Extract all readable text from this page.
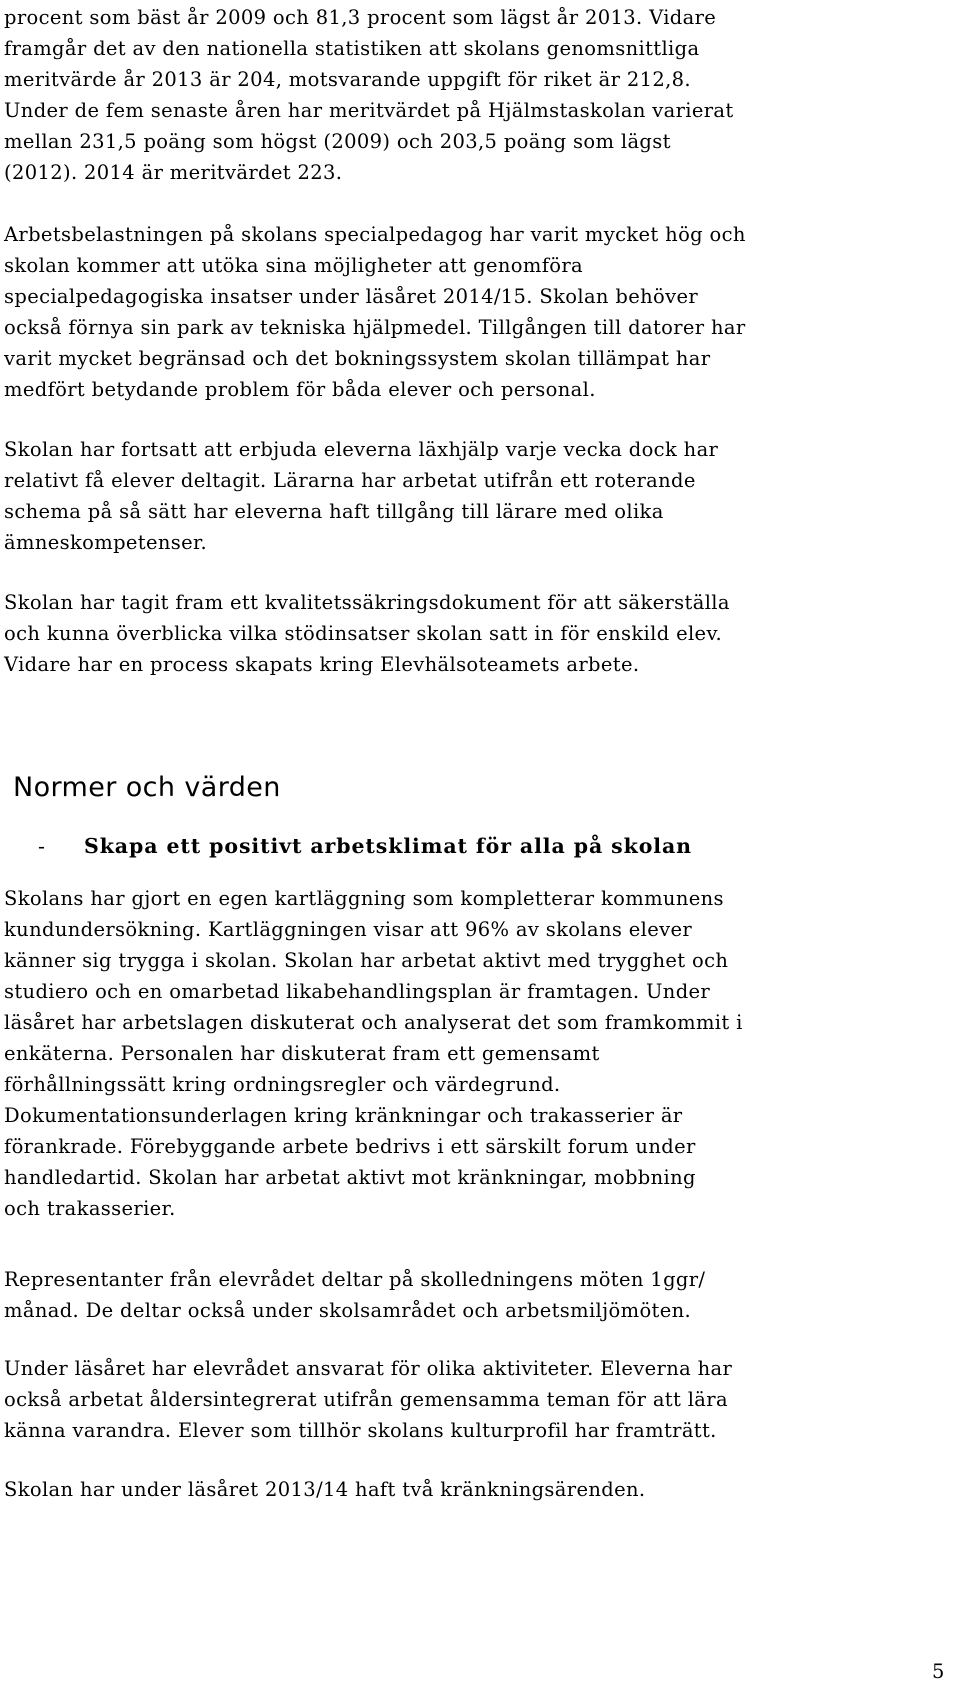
procent som bäst år 2009 och 81,3 procent som lägst år 2013. Vidare
framgår det av den nationella statistiken att skolans genomsnittliga
meritvärde år 2013 är 204, motsvarande uppgift för riket är 212,8.
Under de fem senaste åren har meritvärdet på Hjälmstaskolan varierat
mellan 231,5 poäng som högst (2009) och 203,5 poäng som lägst
(2012). 2014 är meritvärdet 223.

Arbetsbelastningen på skolans specialpedagog har varit mycket hög och
skolan kommer att utöka sina möjligheter att genomföra
specialpedagogiska insatser under läsåret 2014/15. Skolan behöver
också förnya sin park av tekniska hjälpmedel. Tillgången till datorer har
varit mycket begränsad och det bokningssystem skolan tillämpat har
medfört betydande problem för båda elever och personal.

Skolan har fortsatt att erbjuda eleverna läxhjälp varje vecka dock har
relativt få elever deltagit. Lärarna har arbetat utifrån ett roterande
schema på så sätt har eleverna haft tillgång till lärare med olika
ämneskompetenser.

Skolan har tagit fram ett kvalitetssäkringsdokument för att säkerställa
och kunna överblicka vilka stödinsatser skolan satt in för enskild elev.
Vidare har en process skapats kring Elevhälsoteamets arbete.

Normer och värden
- Skapa ett positivt arbetsklimat för alla på skolan

Skolans har gjort en egen kartläggning som kompletterar kommunens
kundundersökning. Kartläggningen visar att 96% av skolans elever
känner sig trygga i skolan. Skolan har arbetat aktivt med trygghet och
studiero och en omarbetad likabehandlingsplan är framtagen. Under
läsåret har arbetslagen diskuterat och analyserat det som framkommit i
enkäterna. Personalen har diskuterat fram ett gemensamt
förhållningssätt kring ordningsregler och värdegrund.
Dokumentationsunderlagen kring kränkningar och trakasserier är
förankrade. Förebyggande arbete bedrivs i ett särskilt forum under
handledartid. Skolan har arbetat aktivt mot kränkningar, mobbning
och trakasserier.

Representanter från elevrådet deltar på skolledningens möten 1ggr/
månad. De deltar också under skolsamrådet och arbetsmiljömöten.

Under läsåret har elevrådet ansvarat för olika aktiviteter. Eleverna har
också arbetat åldersintegrerat utifrån gemensamma teman för att lära
känna varandra. Elever som tillhör skolans kulturprofil har framträtt.

Skolan har under läsåret 2013/14 haft två kränkningsärenden.

5
